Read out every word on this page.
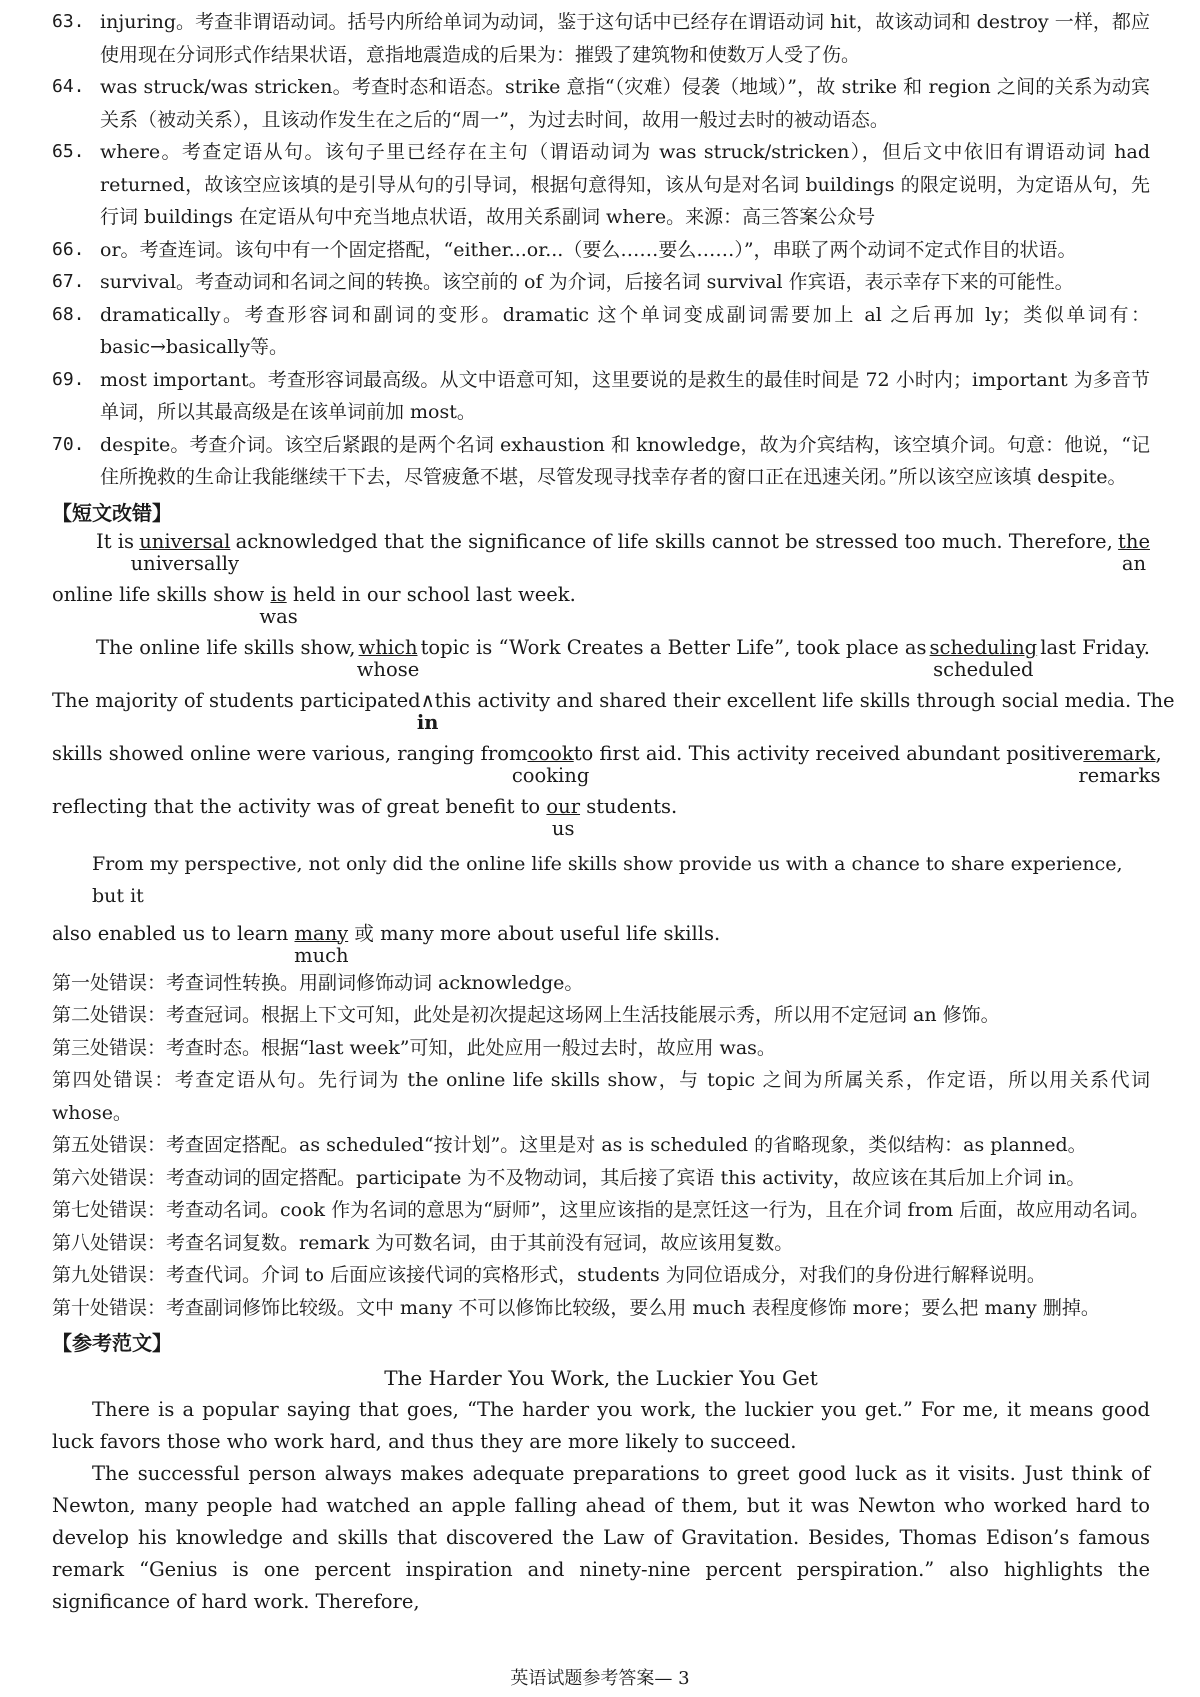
63. injuring。考查非谓语动词。括号内所给单词为动词，鉴于这句话中已经存在谓语动词 hit，故该动词和 destroy 一样，都应使用现在分词形式作结果状语，意指地震造成的后果为：摧毁了建筑物和使数万人受了伤。
64. was struck/was stricken。考查时态和语态。strike 意指“（灾难）侵袭（地域）”，故 strike 和 region 之间的关系为动宾关系（被动关系），且该动作发生在之后的“周一”，为过去时间，故用一般过去时的被动语态。
65. where。考查定语从句。该句子里已经存在主句（谓语动词为 was struck/stricken），但后文中依旧有谓语动词 had returned，故该空应该填的是引导从句的引导词，根据句意得知，该从句是对名词 buildings 的限定说明，为定语从句，先行词 buildings 在定语从句中充当地点状语，故用关系副词 where。来源：高三答案公众号
66. or。考查连词。该句中有一个固定搭配，“either...or...（要么……要么……）”，串联了两个动词不定式作目的状语。
67. survival。考查动词和名词之间的转换。该空前的 of 为介词，后接名词 survival 作宾语，表示幸存下来的可能性。
68. dramatically。考查形容词和副词的变形。dramatic 这个单词变成副词需要加上 al 之后再加 ly；类似单词有：basic→basically等。
69. most important。考查形容词最高级。从文中语意可知，这里要说的是救生的最佳时间是 72 小时内；important 为多音节单词，所以其最高级是在该单词前加 most。
70. despite。考查介词。该空后紧跟的是两个名词 exhaustion 和 knowledge，故为介宾结构，该空填介词。句意：他说，“记住所挽救的生命让我能继续干下去，尽管疲惫不堪，尽管发现寻找幸存者的窗口正在迅速关闭。”所以该空应该填 despite。
【短文改错】
It is universal
universally
acknowledged that the significance of life skills cannot be stressed too much. Therefore, the
an
online life skills show is
was
held in our school last week.
The online life skills show, which
whose
topic is “Work Creates a Better Life”, took place as scheduling
scheduled
last Friday.
The majority of students participated ∧
in
this activity and shared their excellent life skills through social media. The
skills showed online were various, ranging from cook
cooking
to first aid. This activity received abundant positive remark
remarks
,
reflecting that the activity was of great benefit to our
us
students.
From my perspective, not only did the online life skills show provide us with a chance to share experience, but it
also enabled us to learn many
much
或 many more about useful life skills.
第一处错误：考查词性转换。用副词修饰动词 acknowledge。
第二处错误：考查冠词。根据上下文可知，此处是初次提起这场网上生活技能展示秀，所以用不定冠词 an 修饰。
第三处错误：考查时态。根据“last week”可知，此处应用一般过去时，故应用 was。
第四处错误：考查定语从句。先行词为 the online life skills show，与 topic 之间为所属关系，作定语，所以用关系代词 whose。
第五处错误：考查固定搭配。as scheduled“按计划”。这里是对 as is scheduled 的省略现象，类似结构：as planned。
第六处错误：考查动词的固定搭配。participate 为不及物动词，其后接了宾语 this activity，故应该在其后加上介词 in。
第七处错误：考查动名词。cook 作为名词的意思为“厨师”，这里应该指的是烹饪这一行为，且在介词 from 后面，故应用动名词。
第八处错误：考查名词复数。remark 为可数名词，由于其前没有冠词，故应该用复数。
第九处错误：考查代词。介词 to 后面应该接代词的宾格形式，students 为同位语成分，对我们的身份进行解释说明。
第十处错误：考查副词修饰比较级。文中 many 不可以修饰比较级，要么用 much 表程度修饰 more；要么把 many 删掉。
【参考范文】
The Harder You Work, the Luckier You Get
There is a popular saying that goes, “The harder you work, the luckier you get.” For me, it means good luck favors those who work hard, and thus they are more likely to succeed.
The successful person always makes adequate preparations to greet good luck as it visits. Just think of Newton, many people had watched an apple falling ahead of them, but it was Newton who worked hard to develop his knowledge and skills that discovered the Law of Gravitation. Besides, Thomas Edison’s famous remark “Genius is one percent inspiration and ninety-nine percent perspiration.” also highlights the significance of hard work. Therefore,
英语试题参考答案— 3
